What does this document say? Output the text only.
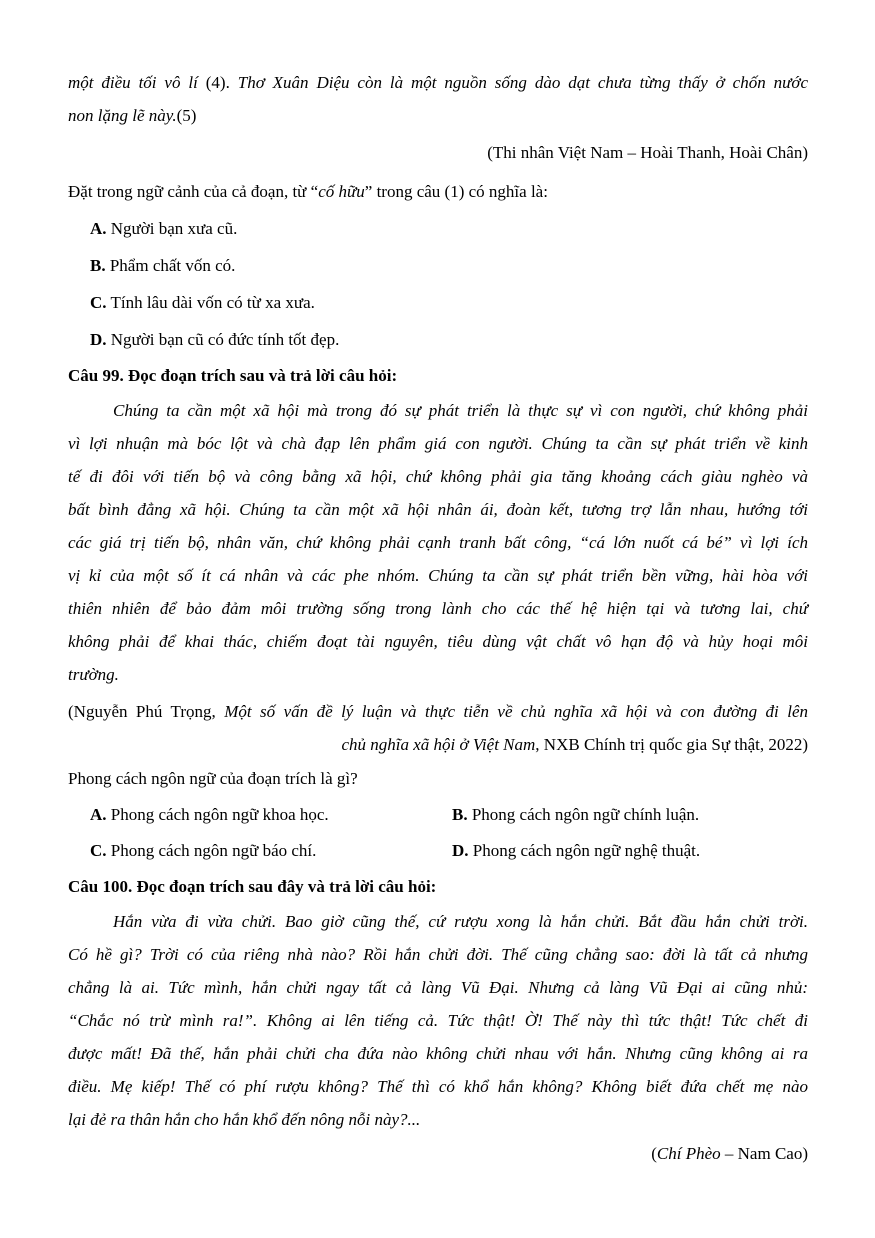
một điều tối vô lí (4). Thơ Xuân Diệu còn là một nguồn sống dào dạt chưa từng thấy ở chốn nước

non lặng lẽ này.(5)

(Thi nhân Việt Nam – Hoài Thanh, Hoài Chân)

Đặt trong ngữ cảnh của cả đoạn, từ “cố hữu” trong câu (1) có nghĩa là:

A. Người bạn xưa cũ.

B. Phẩm chất vốn có.

C. Tính lâu dài vốn có từ xa xưa.

D. Người bạn cũ có đức tính tốt đẹp.

Câu 99. Đọc đoạn trích sau và trả lời câu hỏi:

Chúng ta cần một xã hội mà trong đó sự phát triển là thực sự vì con người, chứ không phải

vì lợi nhuận mà bóc lột và chà đạp lên phẩm giá con người. Chúng ta cần sự phát triển về kinh

tế đi đôi với tiến bộ và công bằng xã hội, chứ không phải gia tăng khoảng cách giàu nghèo và

bất bình đẳng xã hội. Chúng ta cần một xã hội nhân ái, đoàn kết, tương trợ lẫn nhau, hướng tới

các giá trị tiến bộ, nhân văn, chứ không phải cạnh tranh bất công, “cá lớn nuốt cá bé” vì lợi ích

vị kỉ của một số ít cá nhân và các phe nhóm. Chúng ta cần sự phát triển bền vững, hài hòa với

thiên nhiên để bảo đảm môi trường sống trong lành cho các thế hệ hiện tại và tương lai, chứ

không phải để khai thác, chiếm đoạt tài nguyên, tiêu dùng vật chất vô hạn độ và hủy hoại môi

trường.

(Nguyễn Phú Trọng, Một số vấn đề lý luận và thực tiễn về chủ nghĩa xã hội và con đường đi lên

chủ nghĩa xã hội ở Việt Nam, NXB Chính trị quốc gia Sự thật, 2022)

Phong cách ngôn ngữ của đoạn trích là gì?

A. Phong cách ngôn ngữ khoa học.	B. Phong cách ngôn ngữ chính luận.
C. Phong cách ngôn ngữ báo chí.	D. Phong cách ngôn ngữ nghệ thuật.

Câu 100. Đọc đoạn trích sau đây và trả lời câu hỏi:

Hắn vừa đi vừa chửi. Bao giờ cũng thế, cứ rượu xong là hắn chửi. Bắt đầu hắn chửi trời.

Có hề gì? Trời có của riêng nhà nào? Rồi hắn chửi đời. Thế cũng chẳng sao: đời là tất cả nhưng

chẳng là ai. Tức mình, hắn chửi ngay tất cả làng Vũ Đại. Nhưng cả làng Vũ Đại ai cũng nhủ:

“Chắc nó trừ mình ra!”. Không ai lên tiếng cả. Tức thật! Ờ! Thế này thì tức thật! Tức chết đi

được mất! Đã thế, hắn phải chửi cha đứa nào không chửi nhau với hắn. Nhưng cũng không ai ra

điều. Mẹ kiếp! Thế có phí rượu không? Thế thì có khổ hắn không? Không biết đứa chết mẹ nào

lại đẻ ra thân hắn cho hắn khổ đến nông nỗi này?...

(Chí Phèo – Nam Cao)
